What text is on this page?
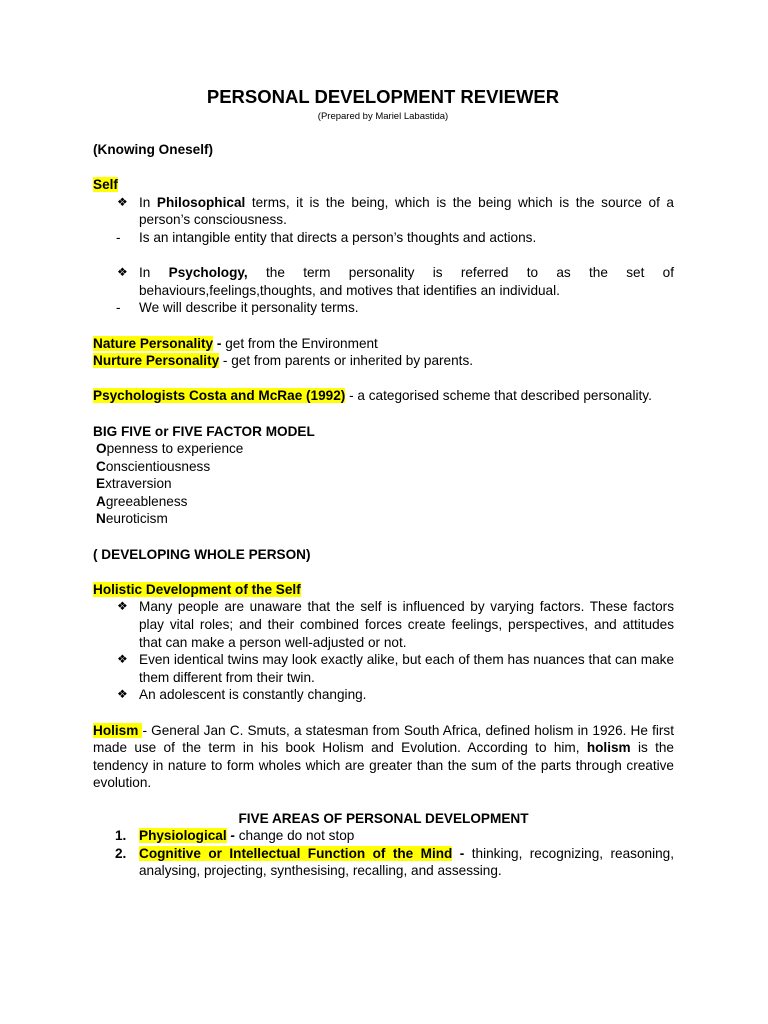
PERSONAL DEVELOPMENT REVIEWER
(Prepared by Mariel Labastida)

(Knowing Oneself)

Self

❖ In Philosophical terms, it is the being, which is the being which is the source of a person’s consciousness.
- Is an intangible entity that directs a person’s thoughts and actions.
❖ In Psychology, the term personality is referred to as the set of behaviours,feelings,thoughts, and motives that identifies an individual.
- We will describe it personality terms.

Nature Personality - get from the Environment

Nurture Personality - get from parents or inherited by parents.

Psychologists Costa and McRae (1992) - a categorised scheme that described personality.

BIG FIVE or FIVE FACTOR MODEL

Openness to experience

Conscientiousness

Extraversion

Agreeableness

Neuroticism

( DEVELOPING WHOLE PERSON)

Holistic Development of the Self

❖ Many people are unaware that the self is influenced by varying factors. These factors play vital roles; and their combined forces create feelings, perspectives, and attitudes that can make a person well-adjusted or not.
❖ Even identical twins may look exactly alike, but each of them has nuances that can make them different from their twin.
❖ An adolescent is constantly changing.

Holism - General Jan C. Smuts, a statesman from South Africa, defined holism in 1926. He first made use of the term in his book Holism and Evolution. According to him, holism is the tendency in nature to form wholes which are greater than the sum of the parts through creative evolution.

FIVE AREAS OF PERSONAL DEVELOPMENT

1. Physiological - change do not stop
2. Cognitive or Intellectual Function of the Mind - thinking, recognizing, reasoning, analysing, projecting, synthesising, recalling, and assessing.
